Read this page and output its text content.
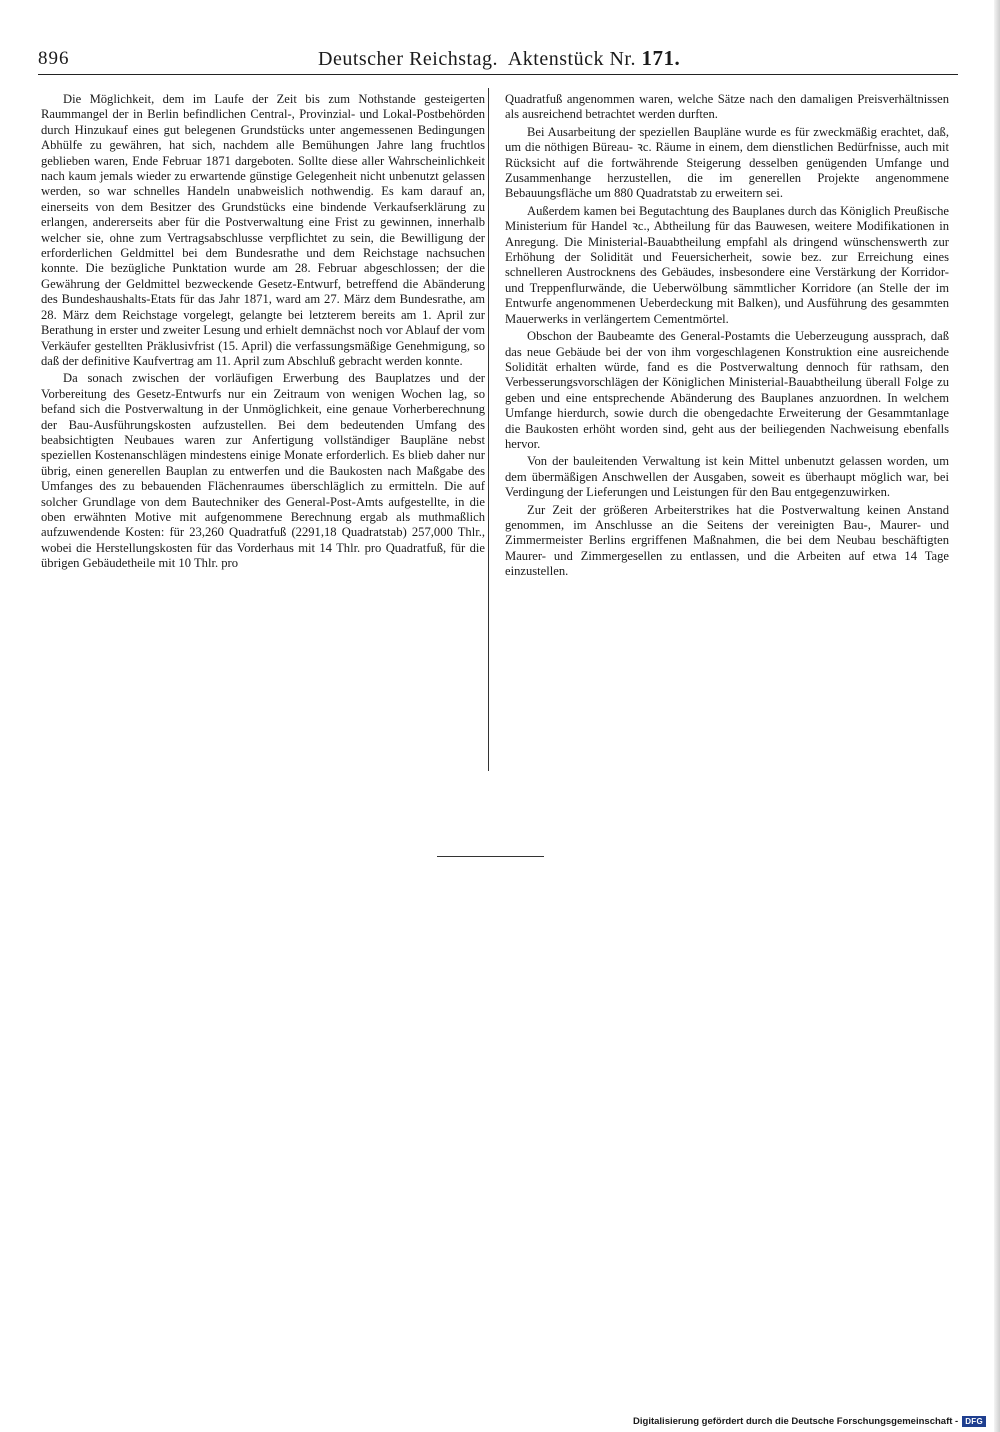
896	Deutscher Reichstag. Aktenstück Nr. 171.

Die Möglichkeit, dem im Laufe der Zeit bis zum Nothstande gesteigerten Raummangel der in Berlin befindlichen Central-, Provinzial- und Lokal-Postbehörden durch Hinzukauf eines gut belegenen Grundstücks unter angemessenen Bedingungen Abhülfe zu gewähren, hat sich, nachdem alle Bemühungen Jahre lang fruchtlos geblieben waren, Ende Februar 1871 dargeboten. Sollte diese aller Wahrscheinlichkeit nach kaum jemals wieder zu erwartende günstige Gelegenheit nicht unbenutzt gelassen werden, so war schnelles Handeln unabweislich nothwendig. Es kam darauf an, einerseits von dem Besitzer des Grundstücks eine bindende Verkaufserklärung zu erlangen, andererseits aber für die Postverwaltung eine Frist zu gewinnen, innerhalb welcher sie, ohne zum Vertragsabschlusse verpflichtet zu sein, die Bewilligung der erforderlichen Geldmittel bei dem Bundesrathe und dem Reichstage nachsuchen konnte. Die bezügliche Punktation wurde am 28. Februar abgeschlossen; der die Gewährung der Geldmittel bezweckende Gesetz-Entwurf, betreffend die Abänderung des Bundeshaushalts-Etats für das Jahr 1871, ward am 27. März dem Bundesrathe, am 28. März dem Reichstage vorgelegt, gelangte bei letzterem bereits am 1. April zur Berathung in erster und zweiter Lesung und erhielt demnächst noch vor Ablauf der vom Verkäufer gestellten Präklusivfrist (15. April) die verfassungsmäßige Genehmigung, so daß der definitive Kaufvertrag am 11. April zum Abschluß gebracht werden konnte.

Da sonach zwischen der vorläufigen Erwerbung des Bauplatzes und der Vorbereitung des Gesetz-Entwurfs nur ein Zeitraum von wenigen Wochen lag, so befand sich die Postverwaltung in der Unmöglichkeit, eine genaue Vorherberechnung der Bau-Ausführungskosten aufzustellen. Bei dem bedeutenden Umfang des beabsichtigten Neubaues waren zur Anfertigung vollständiger Baupläne nebst speziellen Kostenanschlägen mindestens einige Monate erforderlich. Es blieb daher nur übrig, einen generellen Bauplan zu entwerfen und die Baukosten nach Maßgabe des Umfanges des zu bebauenden Flächenraumes überschläglich zu ermitteln. Die auf solcher Grundlage von dem Bautechniker des General-Post-Amts aufgestellte, in die oben erwähnten Motive mit aufgenommene Berechnung ergab als muthmaßlich aufzuwendende Kosten: für 23,260 Quadratfuß (2291,18 Quadratstab) 257,000 Thlr., wobei die Herstellungskosten für das Vorderhaus mit 14 Thlr. pro Quadratfuß, für die übrigen Gebäudetheile mit 10 Thlr. pro

Quadratfuß angenommen waren, welche Sätze nach den damaligen Preisverhältnissen als ausreichend betrachtet werden durften.

Bei Ausarbeitung der speziellen Baupläne wurde es für zweckmäßig erachtet, daß, um die nöthigen Büreau- ꝛc. Räume in einem, dem dienstlichen Bedürfnisse, auch mit Rücksicht auf die fortwährende Steigerung desselben genügenden Umfange und Zusammenhange herzustellen, die im generellen Projekte angenommene Bebauungsfläche um 880 Quadratstab zu erweitern sei.

Außerdem kamen bei Begutachtung des Bauplanes durch das Königlich Preußische Ministerium für Handel ꝛc., Abtheilung für das Bauwesen, weitere Modifikationen in Anregung. Die Ministerial-Bauabtheilung empfahl als dringend wünschenswerth zur Erhöhung der Solidität und Feuersicherheit, sowie bez. zur Erreichung eines schnelleren Austrocknens des Gebäudes, insbesondere eine Verstärkung der Korridor- und Treppenflurwände, die Ueberwölbung sämmtlicher Korridore (an Stelle der im Entwurfe angenommenen Ueberdeckung mit Balken), und Ausführung des gesammten Mauerwerks in verlängertem Cementmörtel.

Obschon der Baubeamte des General-Postamts die Ueberzeugung aussprach, daß das neue Gebäude bei der von ihm vorgeschlagenen Konstruktion eine ausreichende Solidität erhalten würde, fand es die Postverwaltung dennoch für rathsam, den Verbesserungsvorschlägen der Königlichen Ministerial-Bauabtheilung überall Folge zu geben und eine entsprechende Abänderung des Bauplanes anzuordnen. In welchem Umfange hierdurch, sowie durch die obengedachte Erweiterung der Gesammtanlage die Baukosten erhöht worden sind, geht aus der beiliegenden Nachweisung ebenfalls hervor.

Von der bauleitenden Verwaltung ist kein Mittel unbenutzt gelassen worden, um dem übermäßigen Anschwellen der Ausgaben, soweit es überhaupt möglich war, bei Verdingung der Lieferungen und Leistungen für den Bau entgegenzuwirken.

Zur Zeit der größeren Arbeiterstrikes hat die Postverwaltung keinen Anstand genommen, im Anschlusse an die Seitens der vereinigten Bau-, Maurer- und Zimmermeister Berlins ergriffenen Maßnahmen, die bei dem Neubau beschäftigten Maurer- und Zimmergesellen zu entlassen, und die Arbeiten auf etwa 14 Tage einzustellen.

Digitalisierung gefördert durch die Deutsche Forschungsgemeinschaft - DFG
